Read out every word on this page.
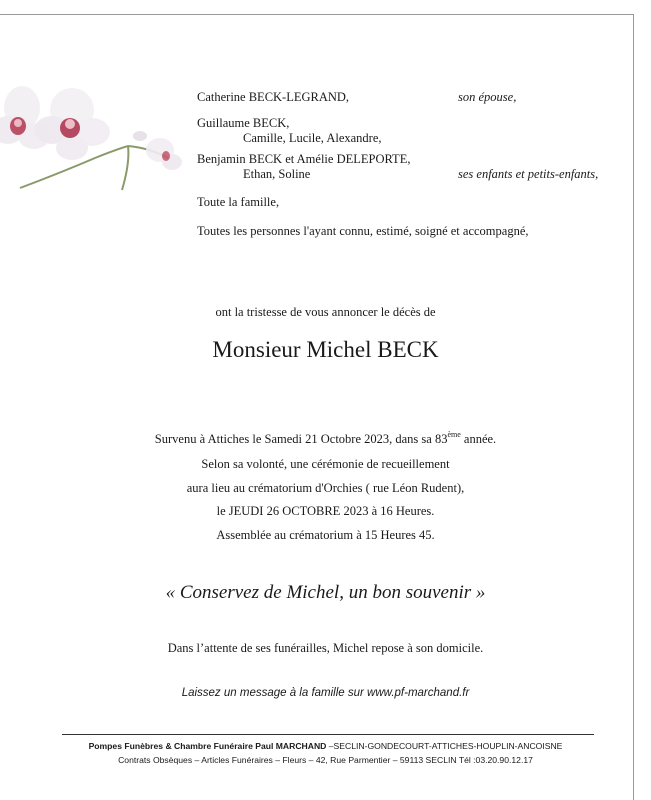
Catherine BECK-LEGRAND,	son épouse,
Guillaume BECK,
Camille, Lucile, Alexandre,
Benjamin BECK et Amélie DELEPORTE,
Ethan, Soline	ses enfants et petits-enfants,
Toute la famille,
Toutes les personnes l'ayant connu, estimé, soigné et accompagné,
ont la tristesse de vous annoncer le décès de
Monsieur Michel BECK
Survenu à Attiches le Samedi 21 Octobre 2023, dans sa 83ème année.
Selon sa volonté, une cérémonie de recueillement
aura lieu au crématorium d'Orchies ( rue Léon Rudent),
le JEUDI 26 OCTOBRE 2023 à 16 Heures.
Assemblée au crématorium à 15 Heures 45.
« Conservez de Michel, un bon souvenir »
Dans l’attente de ses funérailles, Michel repose à son domicile.
Laissez un message à la famille sur www.pf-marchand.fr
Pompes Funèbres & Chambre Funéraire Paul MARCHAND –SECLIN-GONDECOURT-ATTICHES-HOUPLIN-ANCOISNE
Contrats Obsèques – Articles Funéraires – Fleurs – 42, Rue Parmentier – 59113 SECLIN Tél :03.20.90.12.17
